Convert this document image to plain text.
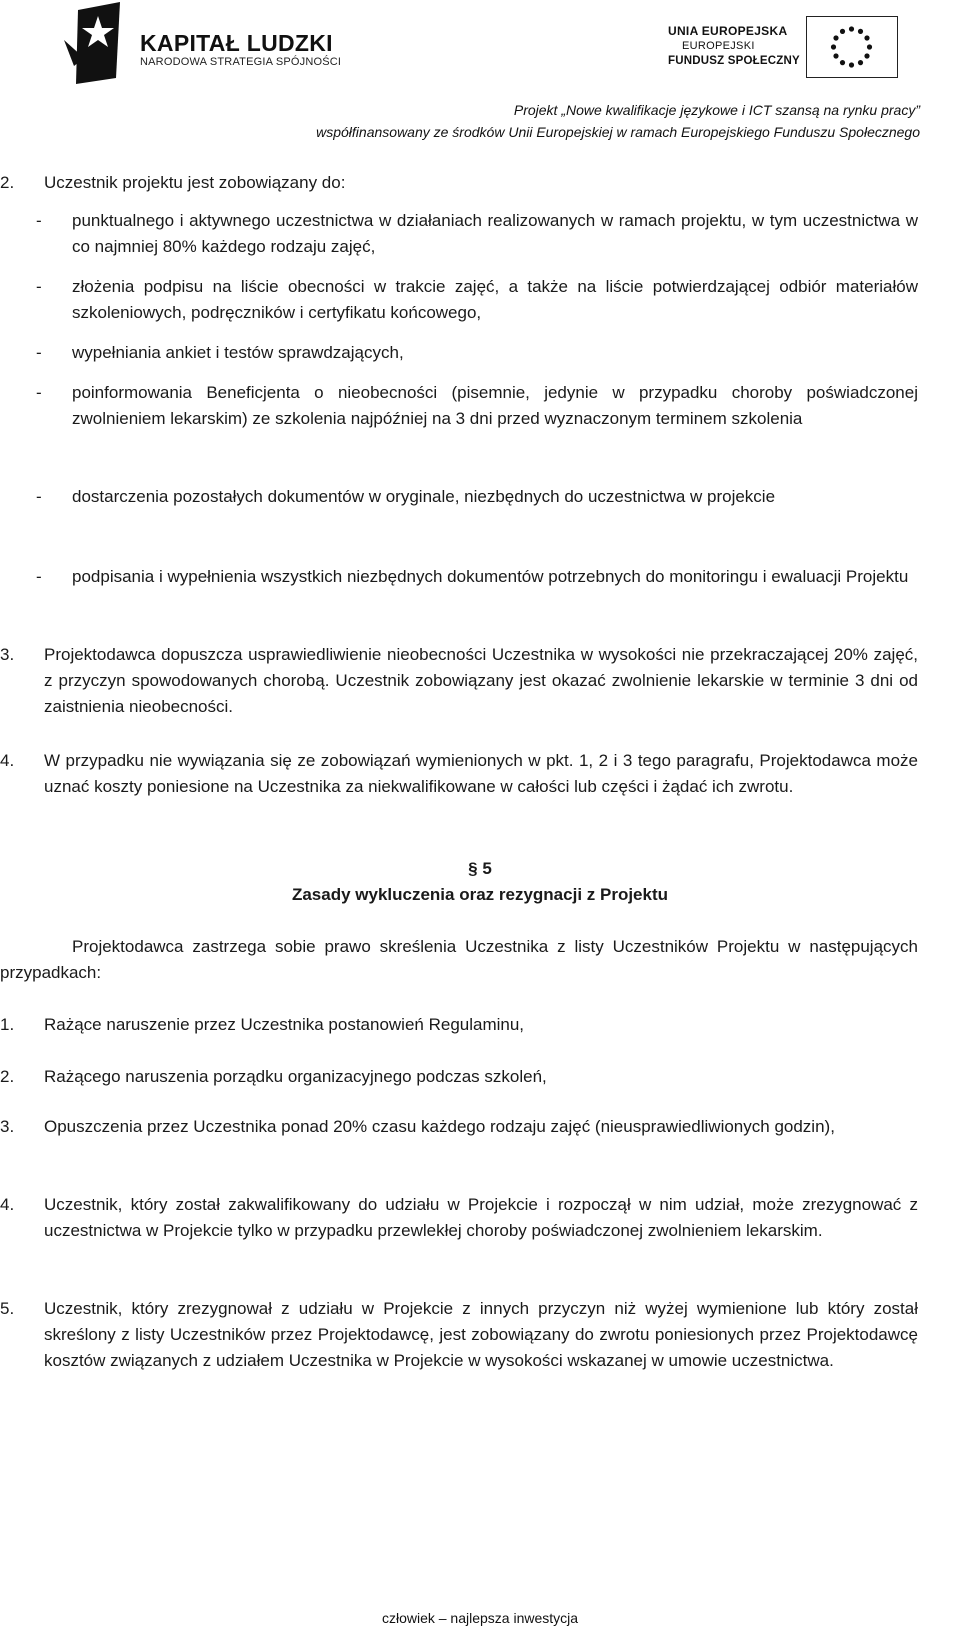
KAPITAŁ LUDZKI
NARODOWA STRATEGIA SPÓJNOŚCI
UNIA EUROPEJSKA
EUROPEJSKI
FUNDUSZ SPOŁECZNY
Projekt „Nowe kwalifikacje językowe i ICT szansą na rynku pracy”
współfinansowany ze środków Unii Europejskiej w ramach Europejskiego Funduszu Społecznego
2. Uczestnik projektu jest zobowiązany do:
- punktualnego i aktywnego uczestnictwa w działaniach realizowanych w ramach projektu, w tym uczestnictwa w co najmniej 80% każdego rodzaju zajęć,
- złożenia podpisu na liście obecności w trakcie zajęć, a także na liście potwierdzającej odbiór materiałów szkoleniowych, podręczników i certyfikatu końcowego,
- wypełniania ankiet i testów sprawdzających,
- poinformowania Beneficjenta o nieobecności (pisemnie, jedynie w przypadku choroby poświadczonej zwolnieniem lekarskim) ze szkolenia najpóźniej na 3 dni przed wyznaczonym terminem szkolenia
- dostarczenia pozostałych dokumentów w oryginale, niezbędnych do uczestnictwa w projekcie
- podpisania i wypełnienia wszystkich niezbędnych dokumentów potrzebnych do monitoringu i ewaluacji Projektu
3. Projektodawca dopuszcza usprawiedliwienie nieobecności Uczestnika w wysokości nie przekraczającej 20% zajęć, z przyczyn spowodowanych chorobą. Uczestnik zobowiązany jest okazać zwolnienie lekarskie w terminie 3 dni od zaistnienia nieobecności.
4. W przypadku nie wywiązania się ze zobowiązań wymienionych w pkt. 1, 2 i 3 tego paragrafu, Projektodawca może uznać koszty poniesione na Uczestnika za niekwalifikowane w całości lub części i żądać ich zwrotu.
§ 5
Zasady wykluczenia oraz rezygnacji z Projektu
Projektodawca zastrzega sobie prawo skreślenia Uczestnika z listy Uczestników Projektu w następujących przypadkach:
1. Rażące naruszenie przez Uczestnika postanowień Regulaminu,
2. Rażącego naruszenia porządku organizacyjnego podczas szkoleń,
3. Opuszczenia przez Uczestnika ponad 20% czasu każdego rodzaju zajęć (nieusprawiedliwionych godzin),
4. Uczestnik, który został zakwalifikowany do udziału w Projekcie i rozpoczął w nim udział, może zrezygnować z uczestnictwa w Projekcie tylko w przypadku przewlekłej choroby poświadczonej zwolnieniem lekarskim.
5. Uczestnik, który zrezygnował z udziału w Projekcie z innych przyczyn niż wyżej wymienione lub który został skreślony z listy Uczestników przez Projektodawcę, jest zobowiązany do zwrotu poniesionych przez Projektodawcę kosztów związanych z udziałem Uczestnika w Projekcie w wysokości wskazanej w umowie uczestnictwa.
człowiek – najlepsza inwestycja
